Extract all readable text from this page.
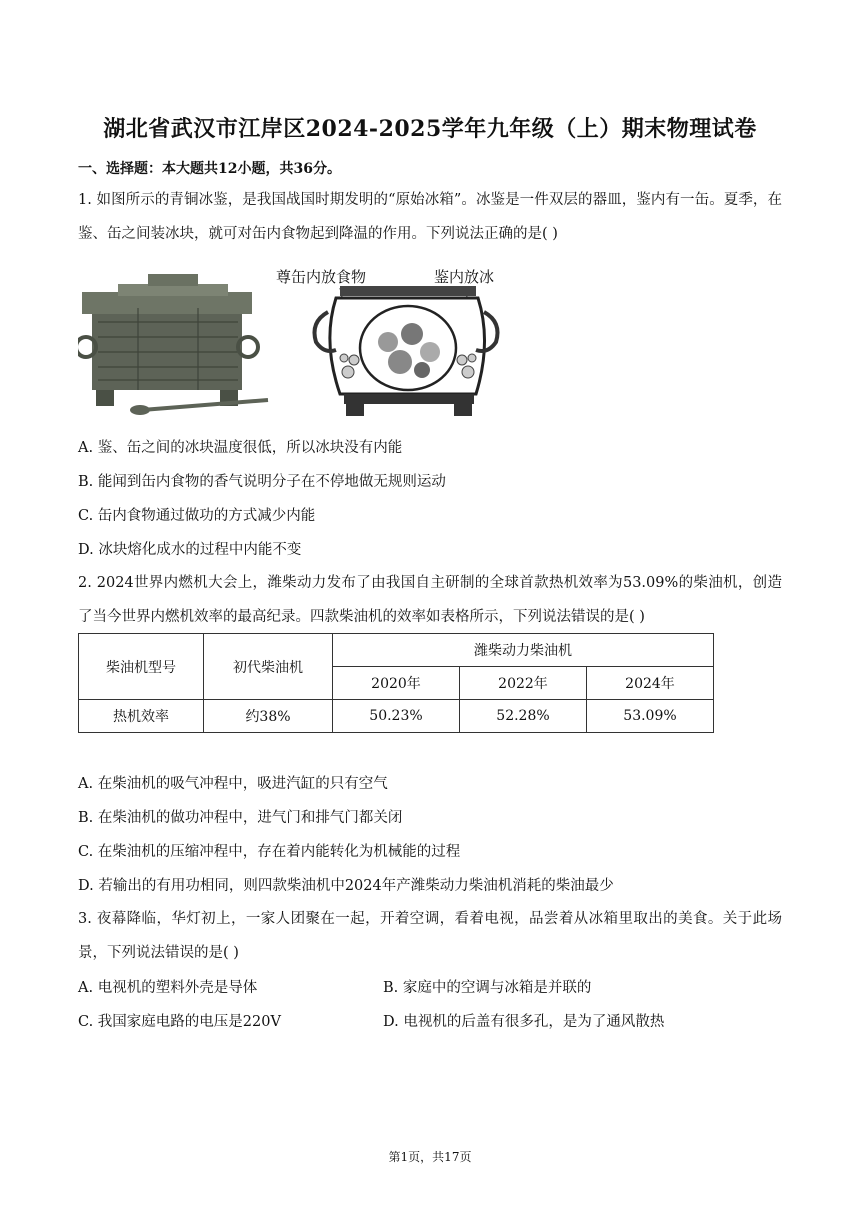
湖北省武汉市江岸区2024-2025学年九年级（上）期末物理试卷
一、选择题：本大题共12小题，共36分。
1. 如图所示的青铜冰鉴，是我国战国时期发明的“原始冰箱”。冰鉴是一件双层的器皿，鉴内有一缶。夏季，在鉴、缶之间装冰块，就可对缶内食物起到降温的作用。下列说法正确的是( )
尊缶内放食物	鉴内放冰
A. 鉴、缶之间的冰块温度很低，所以冰块没有内能
B. 能闻到缶内食物的香气说明分子在不停地做无规则运动
C. 缶内食物通过做功的方式减少内能
D. 冰块熔化成水的过程中内能不变
2. 2024世界内燃机大会上，潍柴动力发布了由我国自主研制的全球首款热机效率为53.09%的柴油机，创造了当今世界内燃机效率的最高纪录。四款柴油机的效率如表格所示，下列说法错误的是( )
柴油机型号	初代柴油机	潍柴动力柴油机		
		2020年	2022年	2024年
热机效率	约38%	50.23%	52.28%	53.09%
A. 在柴油机的吸气冲程中，吸进汽缸的只有空气
B. 在柴油机的做功冲程中，进气门和排气门都关闭
C. 在柴油机的压缩冲程中，存在着内能转化为机械能的过程
D. 若输出的有用功相同，则四款柴油机中2024年产潍柴动力柴油机消耗的柴油最少
3. 夜幕降临，华灯初上，一家人团聚在一起，开着空调，看着电视，品尝着从冰箱里取出的美食。关于此场景，下列说法错误的是( )
A. 电视机的塑料外壳是导体	B. 家庭中的空调与冰箱是并联的
C. 我国家庭电路的电压是220V	D. 电视机的后盖有很多孔，是为了通风散热
第1页，共17页
